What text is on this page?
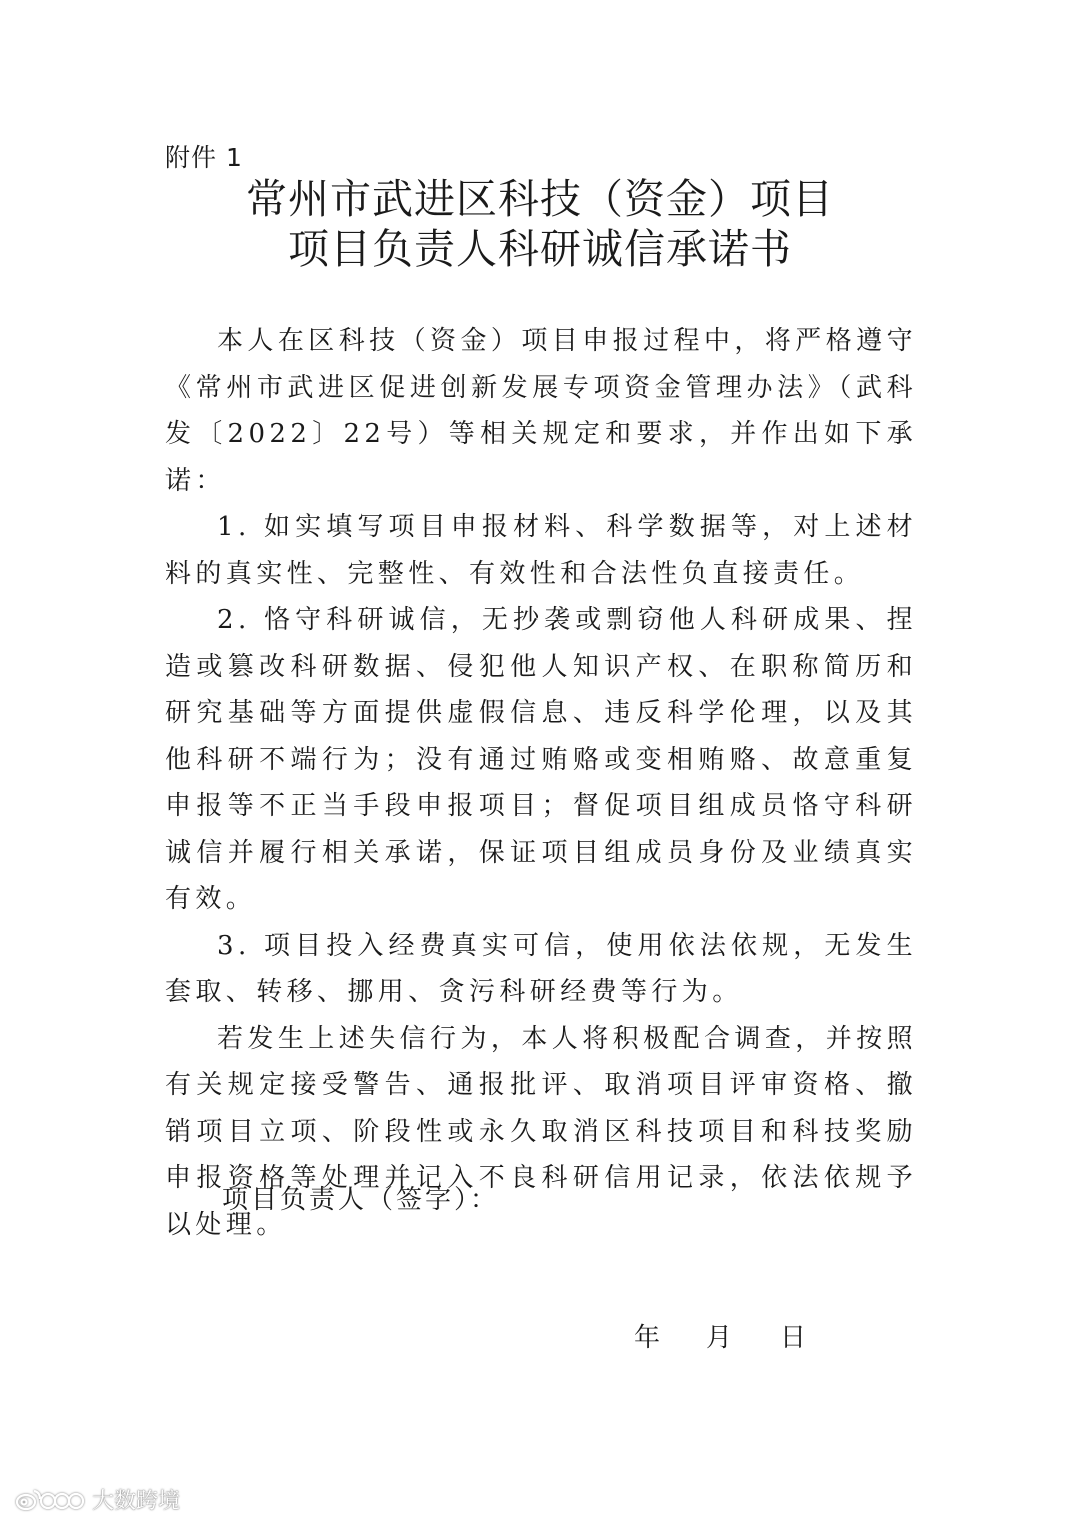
附件 1
常州市武进区科技（资金）项目
项目负责人科研诚信承诺书

本人在区科技（资金）项目申报过程中，将严格遵守《常州市武进区促进创新发展专项资金管理办法》（武科发〔2022〕22号）等相关规定和要求，并作出如下承诺：

1. 如实填写项目申报材料、科学数据等，对上述材料的真实性、完整性、有效性和合法性负直接责任。

2. 恪守科研诚信，无抄袭或剽窃他人科研成果、捏造或篡改科研数据、侵犯他人知识产权、在职称简历和研究基础等方面提供虚假信息、违反科学伦理，以及其他科研不端行为；没有通过贿赂或变相贿赂、故意重复申报等不正当手段申报项目；督促项目组成员恪守科研诚信并履行相关承诺，保证项目组成员身份及业绩真实有效。

3. 项目投入经费真实可信，使用依法依规，无发生套取、转移、挪用、贪污科研经费等行为。

若发生上述失信行为，本人将积极配合调查，并按照有关规定接受警告、通报批评、取消项目评审资格、撤销项目立项、阶段性或永久取消区科技项目和科技奖励申报资格等处理并记入不良科研信用记录，依法依规予以处理。

项目负责人（签字）：
年 月 日
大数跨境
